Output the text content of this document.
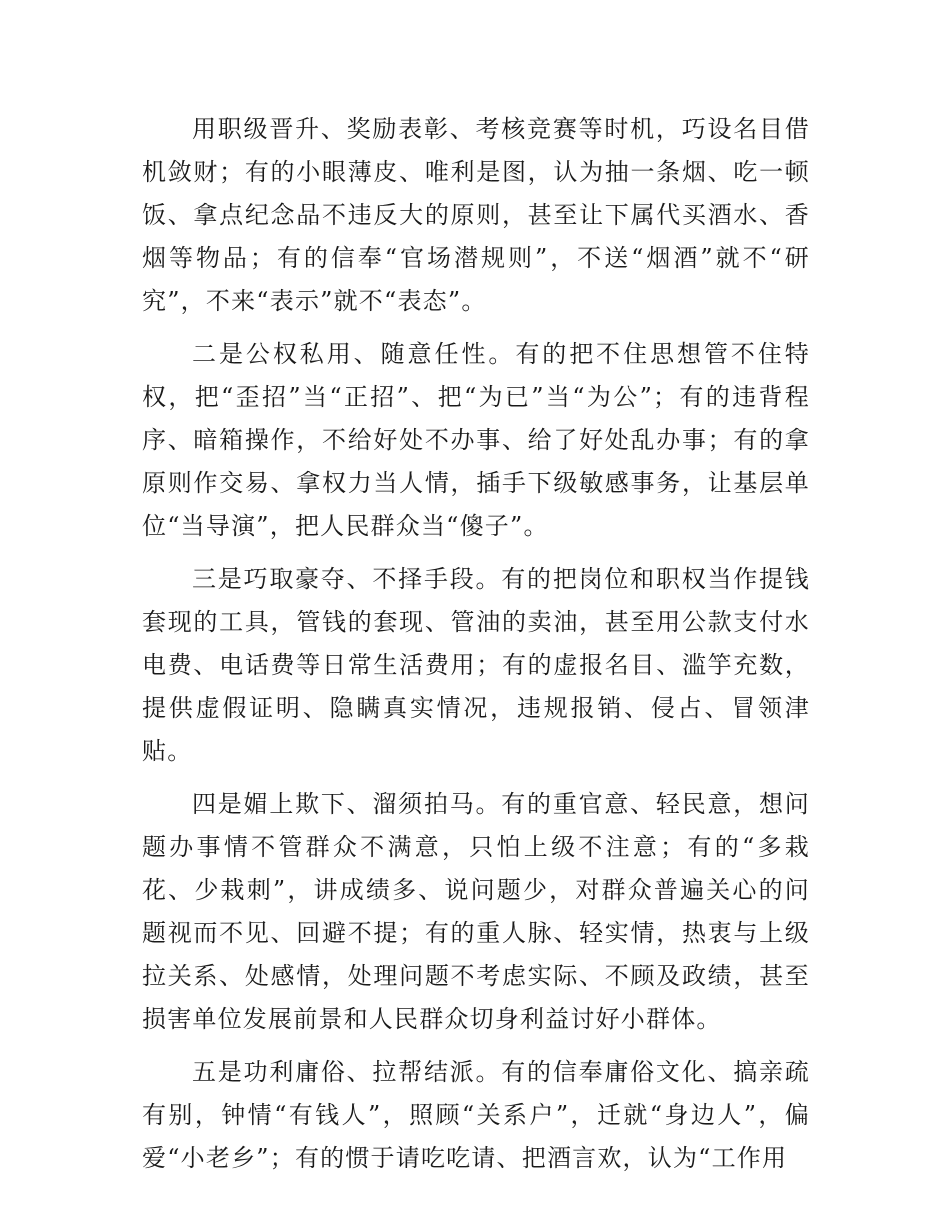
用职级晋升、奖励表彰、考核竞赛等时机，巧设名目借机敛财；有的小眼薄皮、唯利是图，认为抽一条烟、吃一顿饭、拿点纪念品不违反大的原则，甚至让下属代买酒水、香烟等物品；有的信奉“官场潜规则”，不送“烟酒”就不“研究”，不来“表示”就不“表态”。

二是公权私用、随意任性。有的把不住思想管不住特权，把“歪招”当“正招”、把“为已”当“为公”；有的违背程序、暗箱操作，不给好处不办事、给了好处乱办事；有的拿原则作交易、拿权力当人情，插手下级敏感事务，让基层单位“当导演”，把人民群众当“傻子”。

三是巧取豪夺、不择手段。有的把岗位和职权当作提钱套现的工具，管钱的套现、管油的卖油，甚至用公款支付水电费、电话费等日常生活费用；有的虚报名目、滥竽充数，提供虚假证明、隐瞒真实情况，违规报销、侵占、冒领津贴。

四是媚上欺下、溜须拍马。有的重官意、轻民意，想问题办事情不管群众不满意，只怕上级不注意；有的“多栽花、少栽刺”，讲成绩多、说问题少，对群众普遍关心的问题视而不见、回避不提；有的重人脉、轻实情，热衷与上级拉关系、处感情，处理问题不考虑实际、不顾及政绩，甚至损害单位发展前景和人民群众切身利益讨好小群体。

五是功利庸俗、拉帮结派。有的信奉庸俗文化、搞亲疏有别，钟情“有钱人”，照顾“关系户”，迁就“身边人”，偏爱“小老乡”；有的惯于请吃吃请、把酒言欢，认为“工作用
